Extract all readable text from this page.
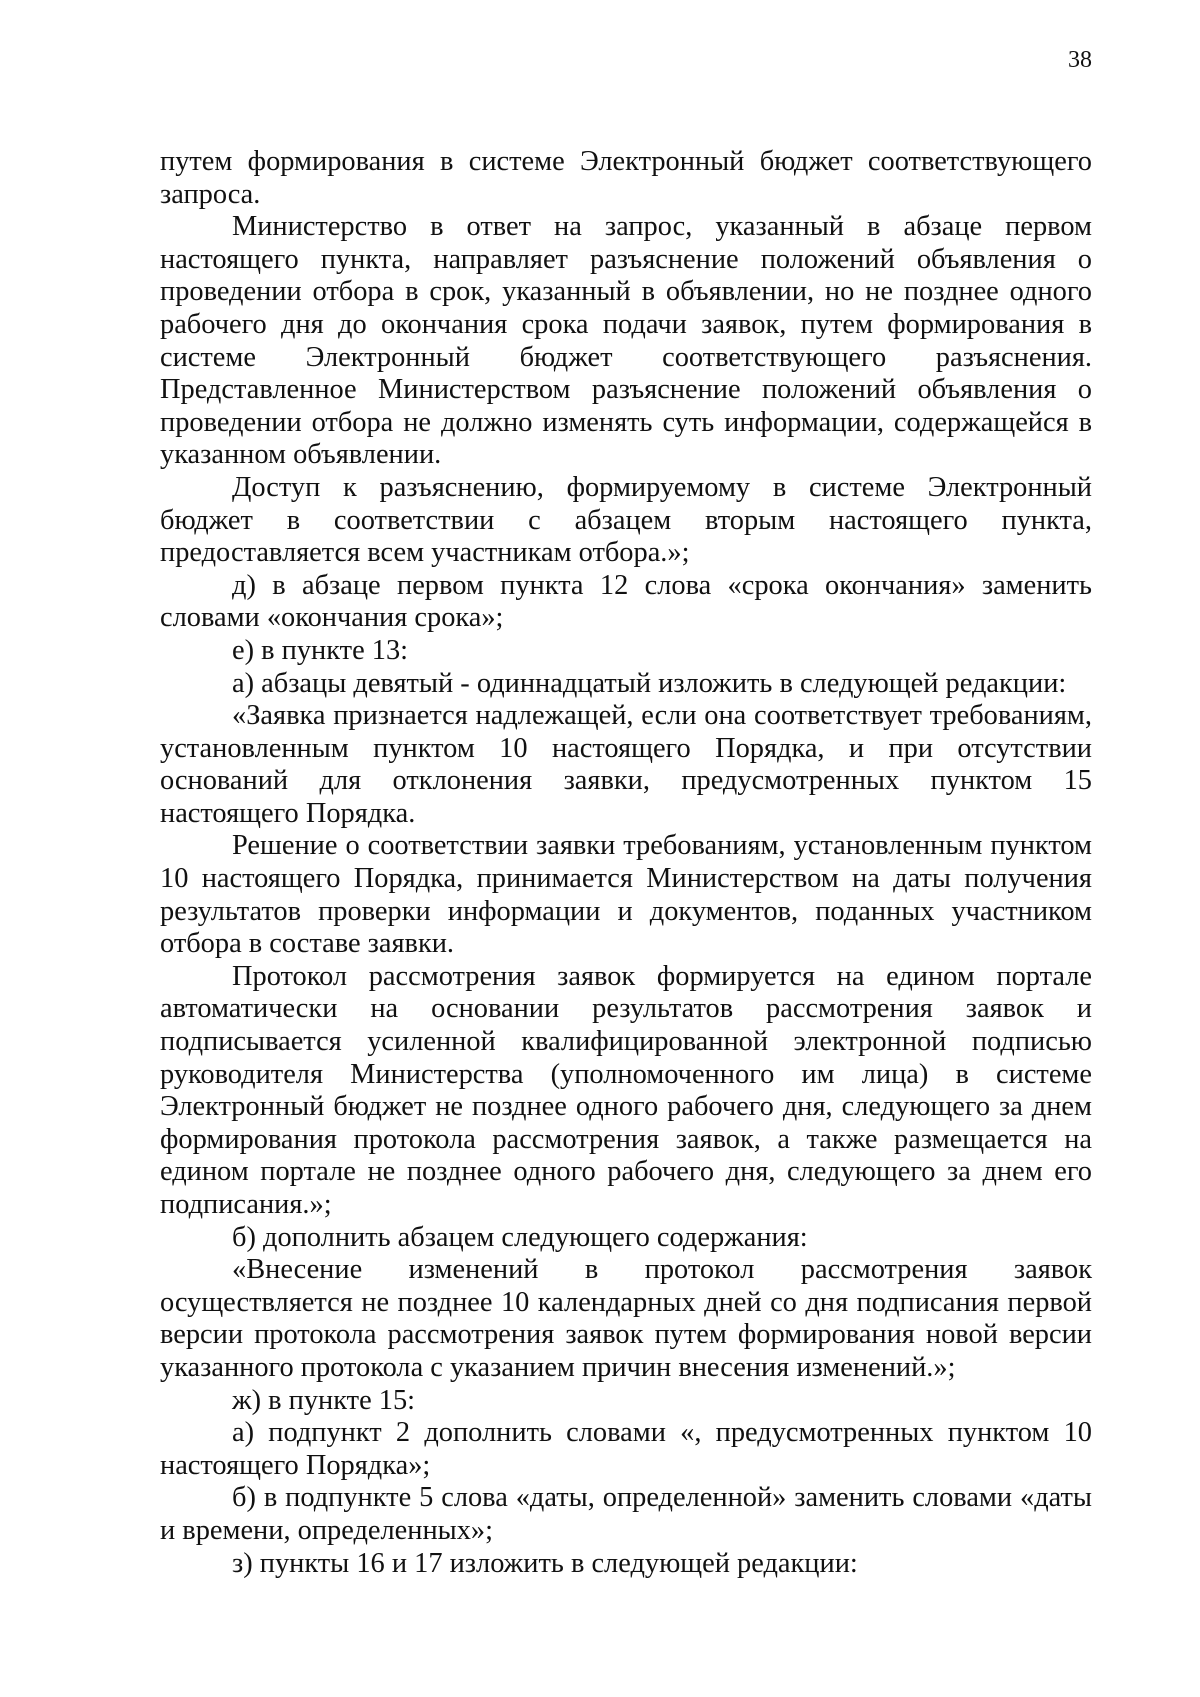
38

путем формирования в системе Электронный бюджет соответствующего запроса.

Министерство в ответ на запрос, указанный в абзаце первом настоящего пункта, направляет разъяснение положений объявления о проведении отбора в срок, указанный в объявлении, но не позднее одного рабочего дня до окончания срока подачи заявок, путем формирования в системе Электронный бюджет соответствующего разъяснения. Представленное Министерством разъяснение положений объявления о проведении отбора не должно изменять суть информации, содержащейся в указанном объявлении.

Доступ к разъяснению, формируемому в системе Электронный бюджет в соответствии с абзацем вторым настоящего пункта, предоставляется всем участникам отбора.»;

д) в абзаце первом пункта 12 слова «срока окончания» заменить словами «окончания срока»;

е) в пункте 13:

а) абзацы девятый - одиннадцатый изложить в следующей редакции:

«Заявка признается надлежащей, если она соответствует требованиям, установленным пунктом 10 настоящего Порядка, и при отсутствии оснований для отклонения заявки, предусмотренных пунктом 15 настоящего Порядка.

Решение о соответствии заявки требованиям, установленным пунктом 10 настоящего Порядка, принимается Министерством на даты получения результатов проверки информации и документов, поданных участником отбора в составе заявки.

Протокол рассмотрения заявок формируется на едином портале автоматически на основании результатов рассмотрения заявок и подписывается усиленной квалифицированной электронной подписью руководителя Министерства (уполномоченного им лица) в системе Электронный бюджет не позднее одного рабочего дня, следующего за днем формирования протокола рассмотрения заявок, а также размещается на едином портале не позднее одного рабочего дня, следующего за днем его подписания.»;

б) дополнить абзацем следующего содержания:

«Внесение изменений в протокол рассмотрения заявок осуществляется не позднее 10 календарных дней со дня подписания первой версии протокола рассмотрения заявок путем формирования новой версии указанного протокола с указанием причин внесения изменений.»;

ж) в пункте 15:

а) подпункт 2 дополнить словами «, предусмотренных пунктом 10 настоящего Порядка»;

б) в подпункте 5 слова «даты, определенной» заменить словами «даты и времени, определенных»;

з) пункты 16 и 17 изложить в следующей редакции:
